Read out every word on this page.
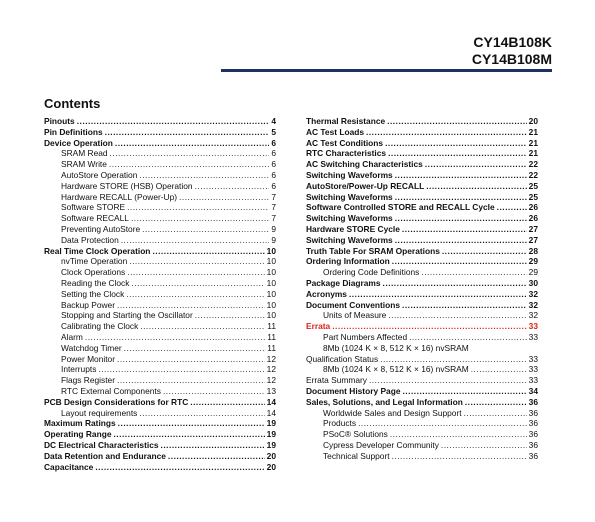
CY14B108K
CY14B108M
Contents
Pinouts .....	4
Pin Definitions .....	5
Device Operation .....	6
SRAM Read .....	6
SRAM Write .....	6
AutoStore Operation .....	6
Hardware STORE (HSB) Operation .....	6
Hardware RECALL (Power-Up) .....	7
Software STORE .....	7
Software RECALL .....	7
Preventing AutoStore .....	9
Data Protection .....	9
Real Time Clock Operation .....	10
nvTime Operation .....	10
Clock Operations .....	10
Reading the Clock .....	10
Setting the Clock .....	10
Backup Power .....	10
Stopping and Starting the Oscillator .....	10
Calibrating the Clock .....	11
Alarm .....	11
Watchdog Timer .....	11
Power Monitor .....	12
Interrupts .....	12
Flags Register .....	12
RTC External Components .....	13
PCB Design Considerations for RTC .....	14
Layout requirements .....	14
Maximum Ratings .....	19
Operating Range .....	19
DC Electrical Characteristics .....	19
Data Retention and Endurance .....	20
Capacitance .....	20
Thermal Resistance .....	20
AC Test Loads .....	21
AC Test Conditions .....	21
RTC Characteristics .....	21
AC Switching Characteristics .....	22
Switching Waveforms .....	22
AutoStore/Power-Up RECALL .....	25
Switching Waveforms .....	25
Software Controlled STORE and RECALL Cycle .....	26
Switching Waveforms .....	26
Hardware STORE Cycle .....	27
Switching Waveforms .....	27
Truth Table For SRAM Operations .....	28
Ordering Information .....	29
Ordering Code Definitions .....	29
Package Diagrams .....	30
Acronyms .....	32
Document Conventions .....	32
Units of Measure .....	32
Errata .....	33
Part Numbers Affected .....	33
8Mb (1024 K × 8, 512 K × 16) nvSRAM
Qualification Status .....	33
8Mb (1024 K × 8, 512 K × 16) nvSRAM .....	33
Errata Summary .....	33
Document History Page .....	34
Sales, Solutions, and Legal Information .....	36
Worldwide Sales and Design Support .....	36
Products .....	36
PSoC® Solutions .....	36
Cypress Developer Community .....	36
Technical Support .....	36
